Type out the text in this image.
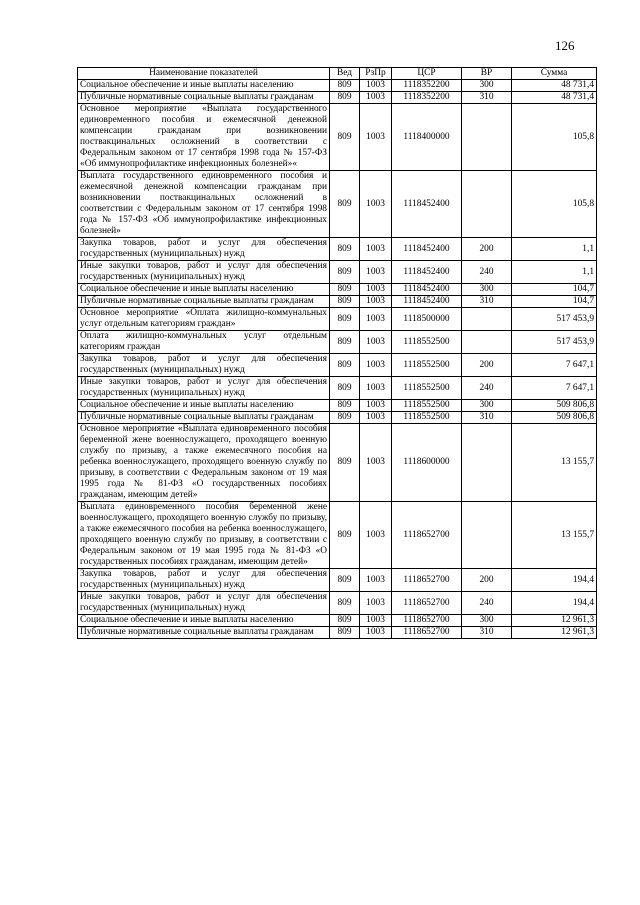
126
Наименование показателей	Вед	РзПр	ЦСР	ВР	Сумма
Социальное обеспечение и иные выплаты населению	809	1003	1118352200	300	48 731,4
Публичные нормативные социальные выплаты гражданам	809	1003	1118352200	310	48 731,4
Основное мероприятие «Выплата государственного единовременного пособия и ежемесячной денежной компенсации гражданам при возникновении поствакцинальных осложнений в соответствии с Федеральным законом от 17 сентября 1998 года № 157-ФЗ «Об иммунопрофилактике инфекционных болезней»«	809	1003	1118400000		105,8
Выплата государственного единовременного пособия и ежемесячной денежной компенсации гражданам при возникновении поствакцинальных осложнений в соответствии с Федеральным законом от 17 сентября 1998 года № 157-ФЗ «Об иммунопрофилактике инфекционных болезней»	809	1003	1118452400		105,8
Закупка товаров, работ и услуг для обеспечения государственных (муниципальных) нужд	809	1003	1118452400	200	1,1
Иные закупки товаров, работ и услуг для обеспечения государственных (муниципальных) нужд	809	1003	1118452400	240	1,1
Социальное обеспечение и иные выплаты населению	809	1003	1118452400	300	104,7
Публичные нормативные социальные выплаты гражданам	809	1003	1118452400	310	104,7
Основное мероприятие «Оплата жилищно-коммунальных услуг отдельным категориям граждан»	809	1003	1118500000		517 453,9
Оплата жилищно-коммунальных услуг отдельным категориям граждан	809	1003	1118552500		517 453,9
Закупка товаров, работ и услуг для обеспечения государственных (муниципальных) нужд	809	1003	1118552500	200	7 647,1
Иные закупки товаров, работ и услуг для обеспечения государственных (муниципальных) нужд	809	1003	1118552500	240	7 647,1
Социальное обеспечение и иные выплаты населению	809	1003	1118552500	300	509 806,8
Публичные нормативные социальные выплаты гражданам	809	1003	1118552500	310	509 806,8
Основное мероприятие «Выплата единовременного пособия беременной жене военнослужащего, проходящего военную службу по призыву, а также ежемесячного пособия на ребенка военнослужащего, проходящего военную службу по призыву, в соответствии с Федеральным законом от 19 мая 1995 года № 81-ФЗ «О государственных пособиях гражданам, имеющим детей»	809	1003	1118600000		13 155,7
Выплата единовременного пособия беременной жене военнослужащего, проходящего военную службу по призыву, а также ежемесячного пособия на ребенка военнослужащего, проходящего военную службу по призыву, в соответствии с Федеральным законом от 19 мая 1995 года № 81-ФЗ «О государственных пособиях гражданам, имеющим детей»	809	1003	1118652700		13 155,7
Закупка товаров, работ и услуг для обеспечения государственных (муниципальных) нужд	809	1003	1118652700	200	194,4
Иные закупки товаров, работ и услуг для обеспечения государственных (муниципальных) нужд	809	1003	1118652700	240	194,4
Социальное обеспечение и иные выплаты населению	809	1003	1118652700	300	12 961,3
Публичные нормативные социальные выплаты гражданам	809	1003	1118652700	310	12 961,3
